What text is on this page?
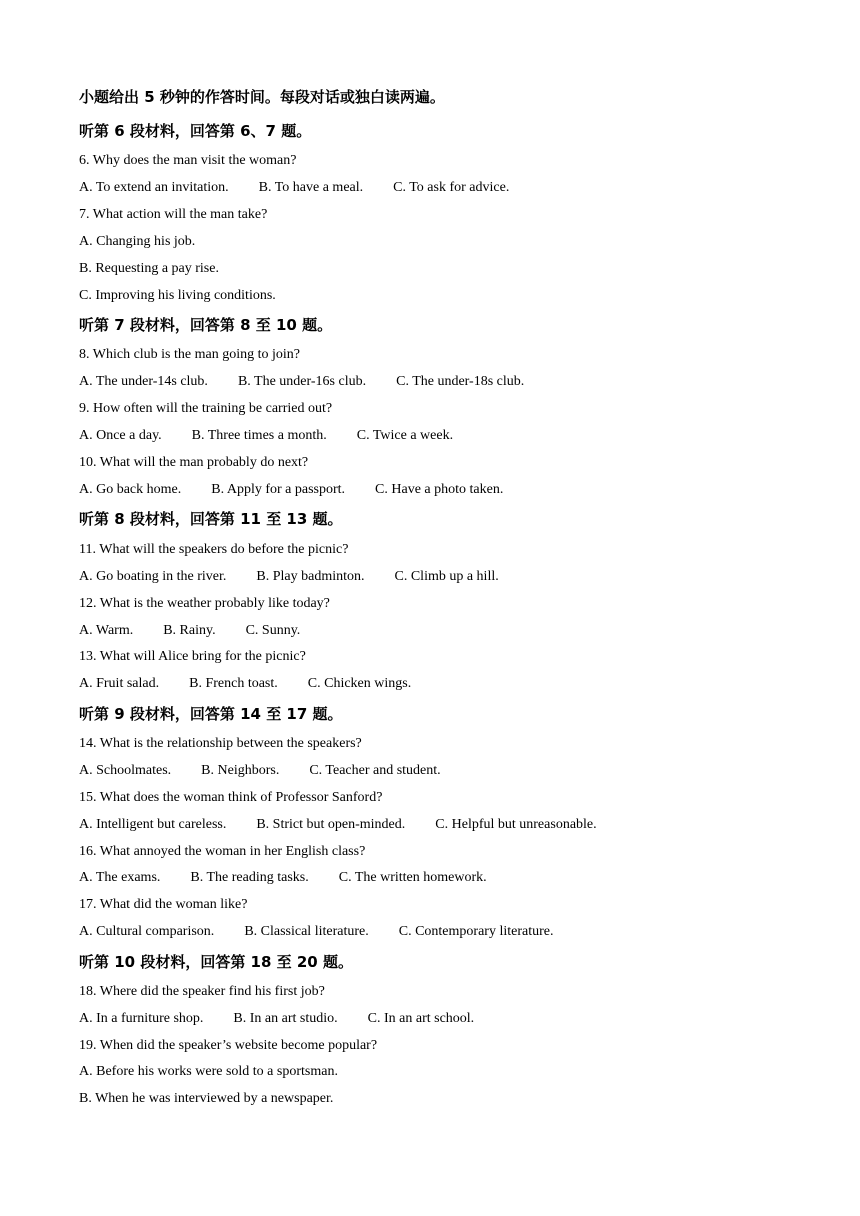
小题给出 5 秒钟的作答时间。每段对话或独白读两遍。
听第 6 段材料，回答第 6、7 题。
6. Why does the man visit the woman?
A. To extend an invitation. B. To have a meal. C. To ask for advice.
7. What action will the man take?
A. Changing his job.
B. Requesting a pay rise.
C. Improving his living conditions.
听第 7 段材料，回答第 8 至 10 题。
8. Which club is the man going to join?
A. The under-14s club. B. The under-16s club. C. The under-18s club.
9. How often will the training be carried out?
A. Once a day. B. Three times a month. C. Twice a week.
10. What will the man probably do next?
A. Go back home. B. Apply for a passport. C. Have a photo taken.
听第 8 段材料，回答第 11 至 13 题。
11. What will the speakers do before the picnic?
A. Go boating in the river. B. Play badminton. C. Climb up a hill.
12. What is the weather probably like today?
A. Warm. B. Rainy. C. Sunny.
13. What will Alice bring for the picnic?
A. Fruit salad. B. French toast. C. Chicken wings.
听第 9 段材料，回答第 14 至 17 题。
14. What is the relationship between the speakers?
A. Schoolmates. B. Neighbors. C. Teacher and student.
15. What does the woman think of Professor Sanford?
A. Intelligent but careless. B. Strict but open-minded. C. Helpful but unreasonable.
16. What annoyed the woman in her English class?
A. The exams. B. The reading tasks. C. The written homework.
17. What did the woman like?
A. Cultural comparison. B. Classical literature. C. Contemporary literature.
听第 10 段材料，回答第 18 至 20 题。
18. Where did the speaker find his first job?
A. In a furniture shop. B. In an art studio. C. In an art school.
19. When did the speaker’s website become popular?
A. Before his works were sold to a sportsman.
B. When he was interviewed by a newspaper.
